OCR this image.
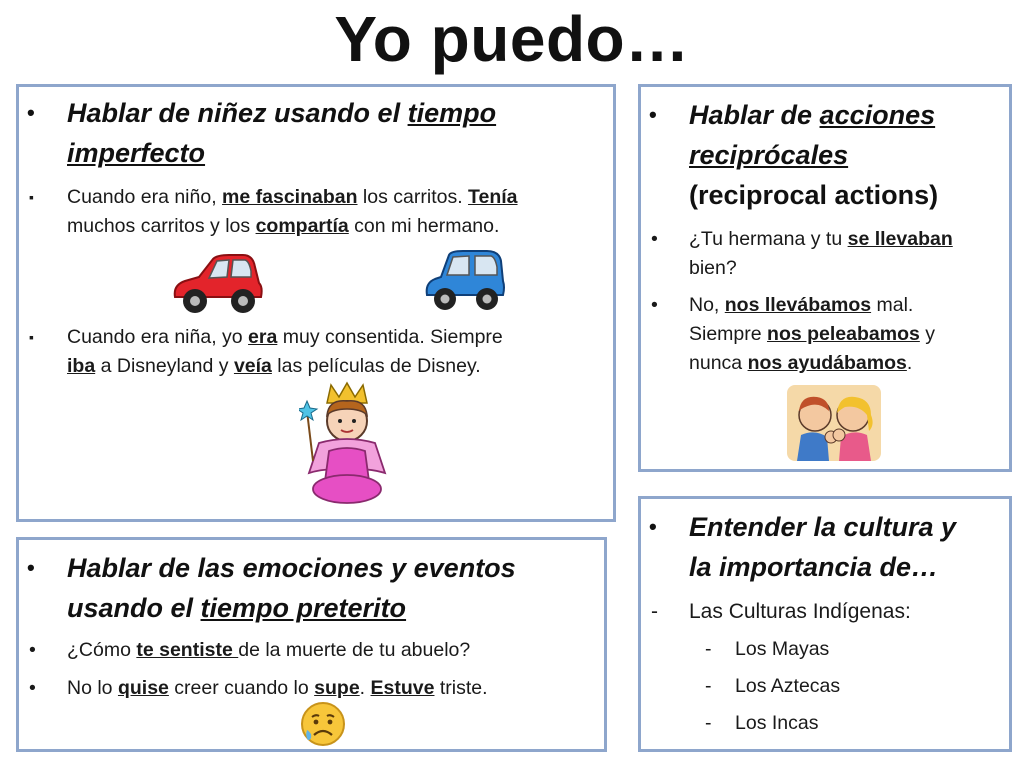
Yo puedo…
• Hablar de niñez usando el tiempo
imperfecto
▪ Cuando era niño, me fascinaban los carritos. Tenía
muchos carritos y los compartía con mi hermano.
▪ Cuando era niña, yo era muy consentida. Siempre
iba a Disneyland y veía las películas de Disney.
• Hablar de acciones
reciprócales
(reciprocal actions)
• ¿Tu hermana y tu se llevaban
bien?
• No, nos llevábamos mal.
Siempre nos peleabamos y
nunca nos ayudábamos.
• Hablar de las emociones y eventos
usando el tiempo preterito
• ¿Cómo te sentiste de la muerte de tu abuelo?
• No lo quise creer cuando lo supe. Estuve triste.
• Entender la cultura y
la importancia de…
- Las Culturas Indígenas:
- Los Mayas
- Los Aztecas
- Los Incas
